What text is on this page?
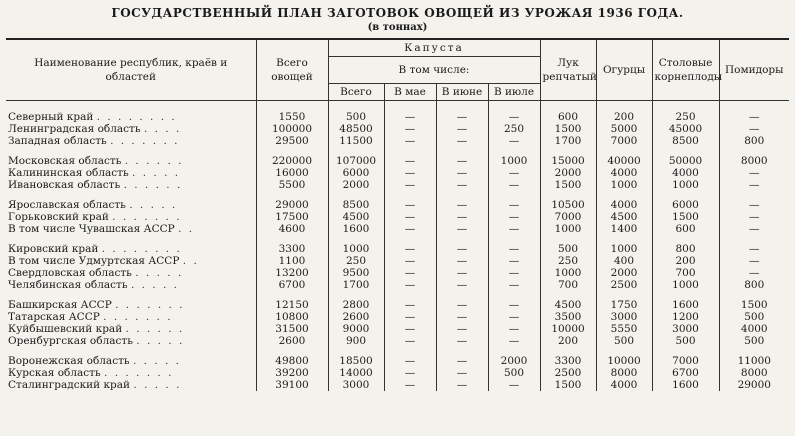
ГОСУДАРСТВЕННЫЙ ПЛАН ЗАГОТОВОК ОВОЩЕЙ ИЗ УРОЖАЯ 1936 ГОДА.
(в тоннах)
Наименование республик, краёв и областей	Всего овощей	Капуста				Лук репчатый	Огурцы	Столовые корнеплоды	Помидоры
		В том числе:							
		Всего	В мае	В июне	В июле				

Северный край . . . . . . . .	1550	500	—	—	—	600	200	250	—
Ленинградская область . . . .	100000	48500	—	—	250	1500	5000	45000	—
Западная область . . . . . . .	29500	11500	—	—	—	1700	7000	8500	800

Московская область . . . . . .	220000	107000	—	—	1000	15000	40000	50000	8000
Калининская область . . . . .	16000	6000	—	—	—	2000	4000	4000	—
Ивановская область . . . . . .	5500	2000	—	—	—	1500	1000	1000	—

Ярославская область . . . . .	29000	8500	—	—	—	10500	4000	6000	—
Горьковский край . . . . . . .	17500	4500	—	—	—	7000	4500	1500	—
В том числе Чувашская АССР . .	4600	1600	—	—	—	1000	1400	600	—

Кировский край . . . . . . . .	3300	1000	—	—	—	500	1000	800	—
В том числе Удмуртская АССР . .	1100	250	—	—	—	250	400	200	—
Свердловская область . . . . .	13200	9500	—	—	—	1000	2000	700	—
Челябинская область . . . . .	6700	1700	—	—	—	700	2500	1000	800

Башкирская АССР . . . . . . .	12150	2800	—	—	—	4500	1750	1600	1500
Татарская АССР . . . . . . .	10800	2600	—	—	—	3500	3000	1200	500
Куйбышевский край . . . . . .	31500	9000	—	—	—	10000	5550	3000	4000
Оренбургская область . . . . .	2600	900	—	—	—	200	500	500	500

Воронежская область . . . . .	49800	18500	—	—	2000	3300	10000	7000	11000
Курская область . . . . . . .	39200	14000	—	—	500	2500	8000	6700	8000
Сталинградский край . . . . .	39100	3000	—	—	—	1500	4000	1600	29000
